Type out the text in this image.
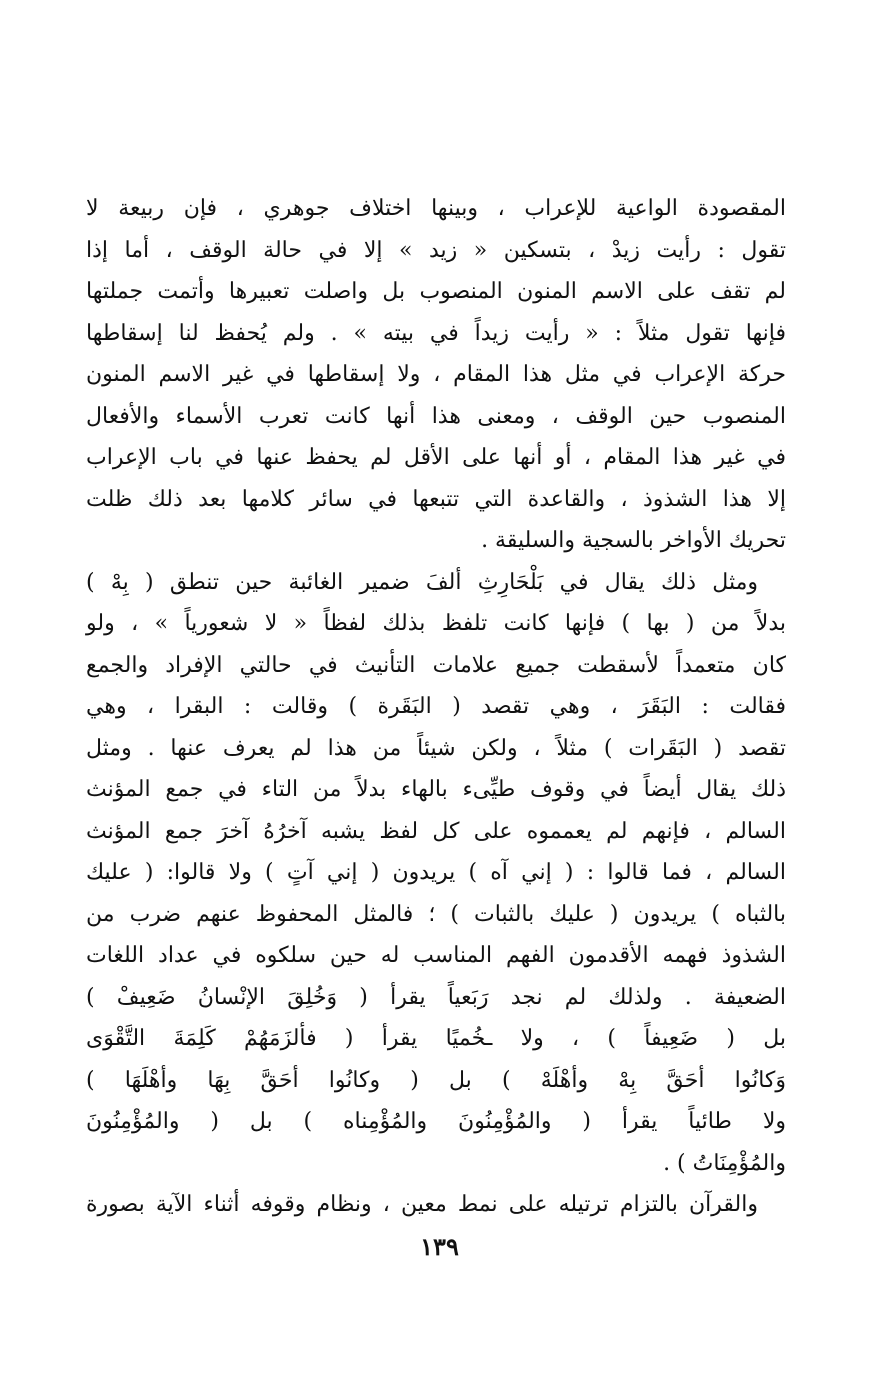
المقصودة الواعية للإعراب ، وبينها اختلاف جوهري ، فإن ربيعة لا
تقول : رأيت زيدْ ، بتسكين « زيد » إلا في حالة الوقف ، أما إذا
لم تقف على الاسم المنون المنصوب بل واصلت تعبيرها وأتمت جملتها
فإنها تقول مثلاً : « رأيت زيداً في بيته » . ولم يُحفظ لنا إسقاطها
حركة الإعراب في مثل هذا المقام ، ولا إسقاطها في غير الاسم المنون
المنصوب حين الوقف ، ومعنى هذا أنها كانت تعرب الأسماء والأفعال
في غير هذا المقام ، أو أنها على الأقل لم يحفظ عنها في باب الإعراب
إلا هذا الشذوذ ، والقاعدة التي تتبعها في سائر كلامها بعد ذلك ظلت
تحريك الأواخر بالسجية والسليقة .
ومثل ذلك يقال في بَلْحَارِثِ ألفَ ضمير الغائبة حين تنطق ( بِهْ )
بدلاً من ( بها ) فإنها كانت تلفظ بذلك لفظاً « لا شعورياً » ، ولو
كان متعمداً لأسقطت جميع علامات التأنيث في حالتي الإفراد والجمع
فقالت : البَقَرَ ، وهي تقصد ( البَقَرة ) وقالت : البقرا ، وهي
تقصد ( البَقَرات ) مثلاً ، ولكن شيئاً من هذا لم يعرف عنها . ومثل
ذلك يقال أيضاً في وقوف طيِّىء بالهاء بدلاً من التاء في جمع المؤنث
السالم ، فإنهم لم يعمموه على كل لفظ يشبه آخرُهُ آخرَ جمع المؤنث
السالم ، فما قالوا : ( إني آه ) يريدون ( إني آتٍ ) ولا قالوا: ( عليك
بالثباه ) يريدون ( عليك بالثبات ) ؛ فالمثل المحفوظ عنهم ضرب من
الشذوذ فهمه الأقدمون الفهم المناسب له حين سلكوه في عداد اللغات
الضعيفة . ولذلك لم نجد رَبَعياً يقرأ ( وَخُلِقَ الإنْسانُ ضَعِيفْ )
بل ( ضَعِيفاً ) ، ولا ـخُميًا يقرأ ( فألزَمَهُمْ كَلِمَةَ التَّقْوَى
وَكانُوا أحَقَّ بِهْ وأهْلَهْ ) بل ( وكانُوا أحَقَّ بِهَا وأهْلَهَا )
ولا طائياً يقرأ ( والمُؤْمِنُونَ والمُؤْمِناه ) بل ( والمُؤْمِنُونَ
والمُؤْمِنَاتُ ) .
والقرآن بالتزام ترتيله على نمط معين ، ونظام وقوفه أثناء الآية بصورة
١٣٩
